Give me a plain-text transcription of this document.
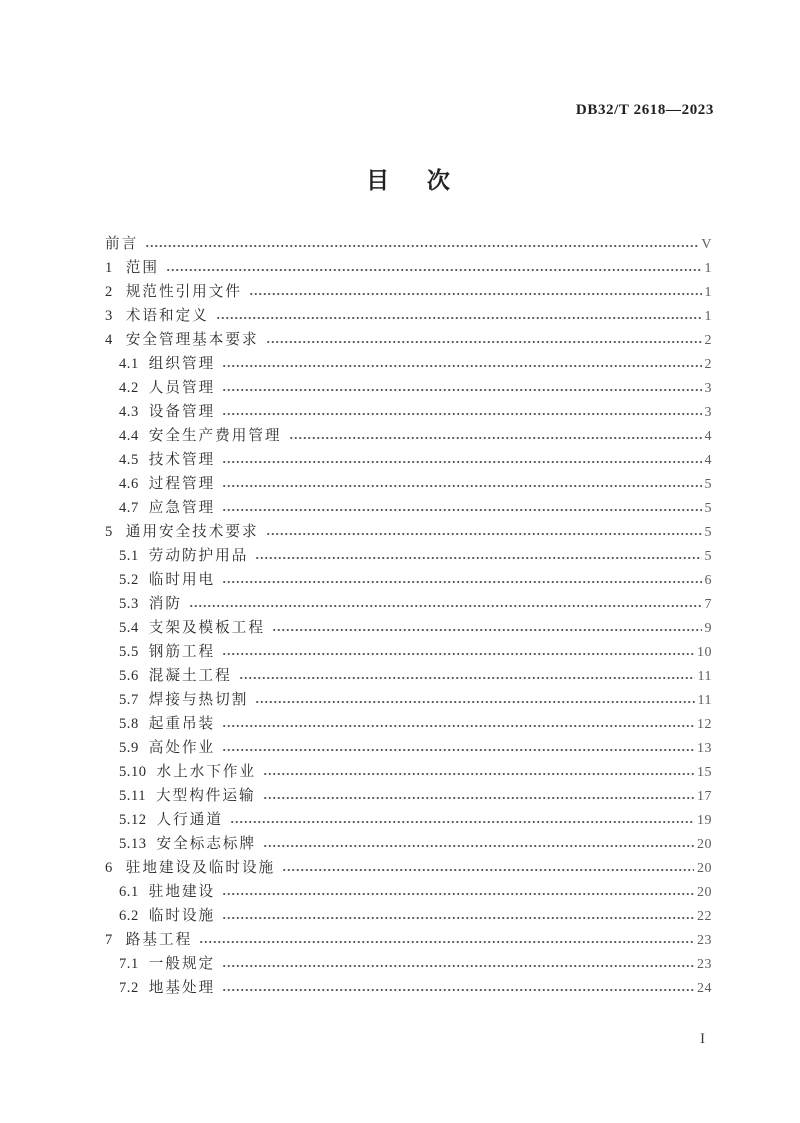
DB32/T 2618—2023
目 次
前言	V
1 范围	1
2 规范性引用文件	1
3 术语和定义	1
4 安全管理基本要求	2
4.1 组织管理	2
4.2 人员管理	3
4.3 设备管理	3
4.4 安全生产费用管理	4
4.5 技术管理	4
4.6 过程管理	5
4.7 应急管理	5
5 通用安全技术要求	5
5.1 劳动防护用品	5
5.2 临时用电	6
5.3 消防	7
5.4 支架及模板工程	9
5.5 钢筋工程	10
5.6 混凝土工程	11
5.7 焊接与热切割	11
5.8 起重吊装	12
5.9 高处作业	13
5.10 水上水下作业	15
5.11 大型构件运输	17
5.12 人行通道	19
5.13 安全标志标牌	20
6 驻地建设及临时设施	20
6.1 驻地建设	20
6.2 临时设施	22
7 路基工程	23
7.1 一般规定	23
7.2 地基处理	24
I
